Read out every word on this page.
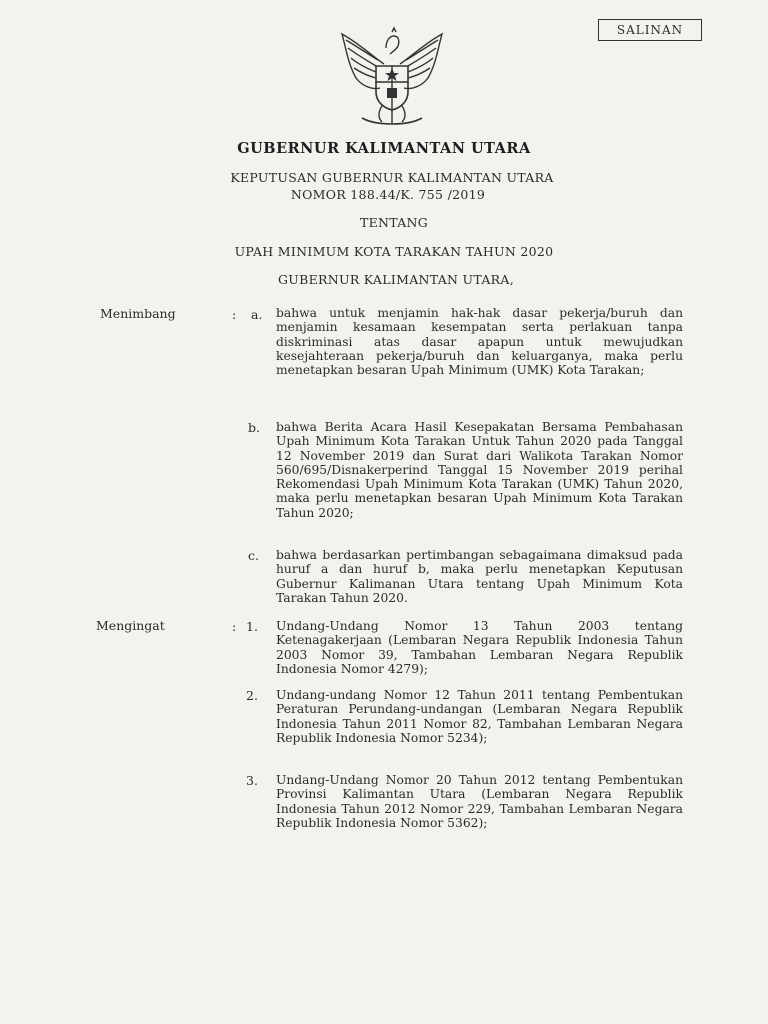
SALINAN
GUBERNUR KALIMANTAN UTARA
KEPUTUSAN GUBERNUR KALIMANTAN UTARA
NOMOR 188.44/K. 755 /2019
TENTANG
UPAH MINIMUM KOTA TARAKAN TAHUN 2020
GUBERNUR KALIMANTAN UTARA,
Menimbang	: a. bahwa untuk menjamin hak-hak dasar pekerja/buruh dan menjamin kesamaan kesempatan serta perlakuan tanpa diskriminasi atas dasar apapun untuk mewujudkan kesejahteraan pekerja/buruh dan keluarganya, maka perlu menetapkan besaran Upah Minimum (UMK) Kota Tarakan;

b. bahwa Berita Acara Hasil Kesepakatan Bersama Pembahasan Upah Minimum Kota Tarakan Untuk Tahun 2020 pada Tanggal 12 November 2019 dan Surat dari Walikota Tarakan Nomor 560/695/Disnakerperind Tanggal 15 November 2019 perihal Rekomendasi Upah Minimum Kota Tarakan (UMK) Tahun 2020, maka perlu menetapkan besaran Upah Minimum Kota Tarakan Tahun 2020;

c. bahwa berdasarkan pertimbangan sebagaimana dimaksud pada huruf a dan huruf b, maka perlu menetapkan Keputusan Gubernur Kalimanan Utara tentang Upah Minimum Kota Tarakan Tahun 2020.

Mengingat	: 1. Undang-Undang Nomor 13 Tahun 2003 tentang Ketenagakerjaan (Lembaran Negara Republik Indonesia Tahun 2003 Nomor 39, Tambahan Lembaran Negara Republik Indonesia Nomor 4279);

2. Undang-undang Nomor 12 Tahun 2011 tentang Pembentukan Peraturan Perundang-undangan (Lembaran Negara Republik Indonesia Tahun 2011 Nomor 82, Tambahan Lembaran Negara Republik Indonesia Nomor 5234);

3. Undang-Undang Nomor 20 Tahun 2012 tentang Pembentukan Provinsi Kalimantan Utara (Lembaran Negara Republik Indonesia Tahun 2012 Nomor 229, Tambahan Lembaran Negara Republik Indonesia Nomor 5362);
